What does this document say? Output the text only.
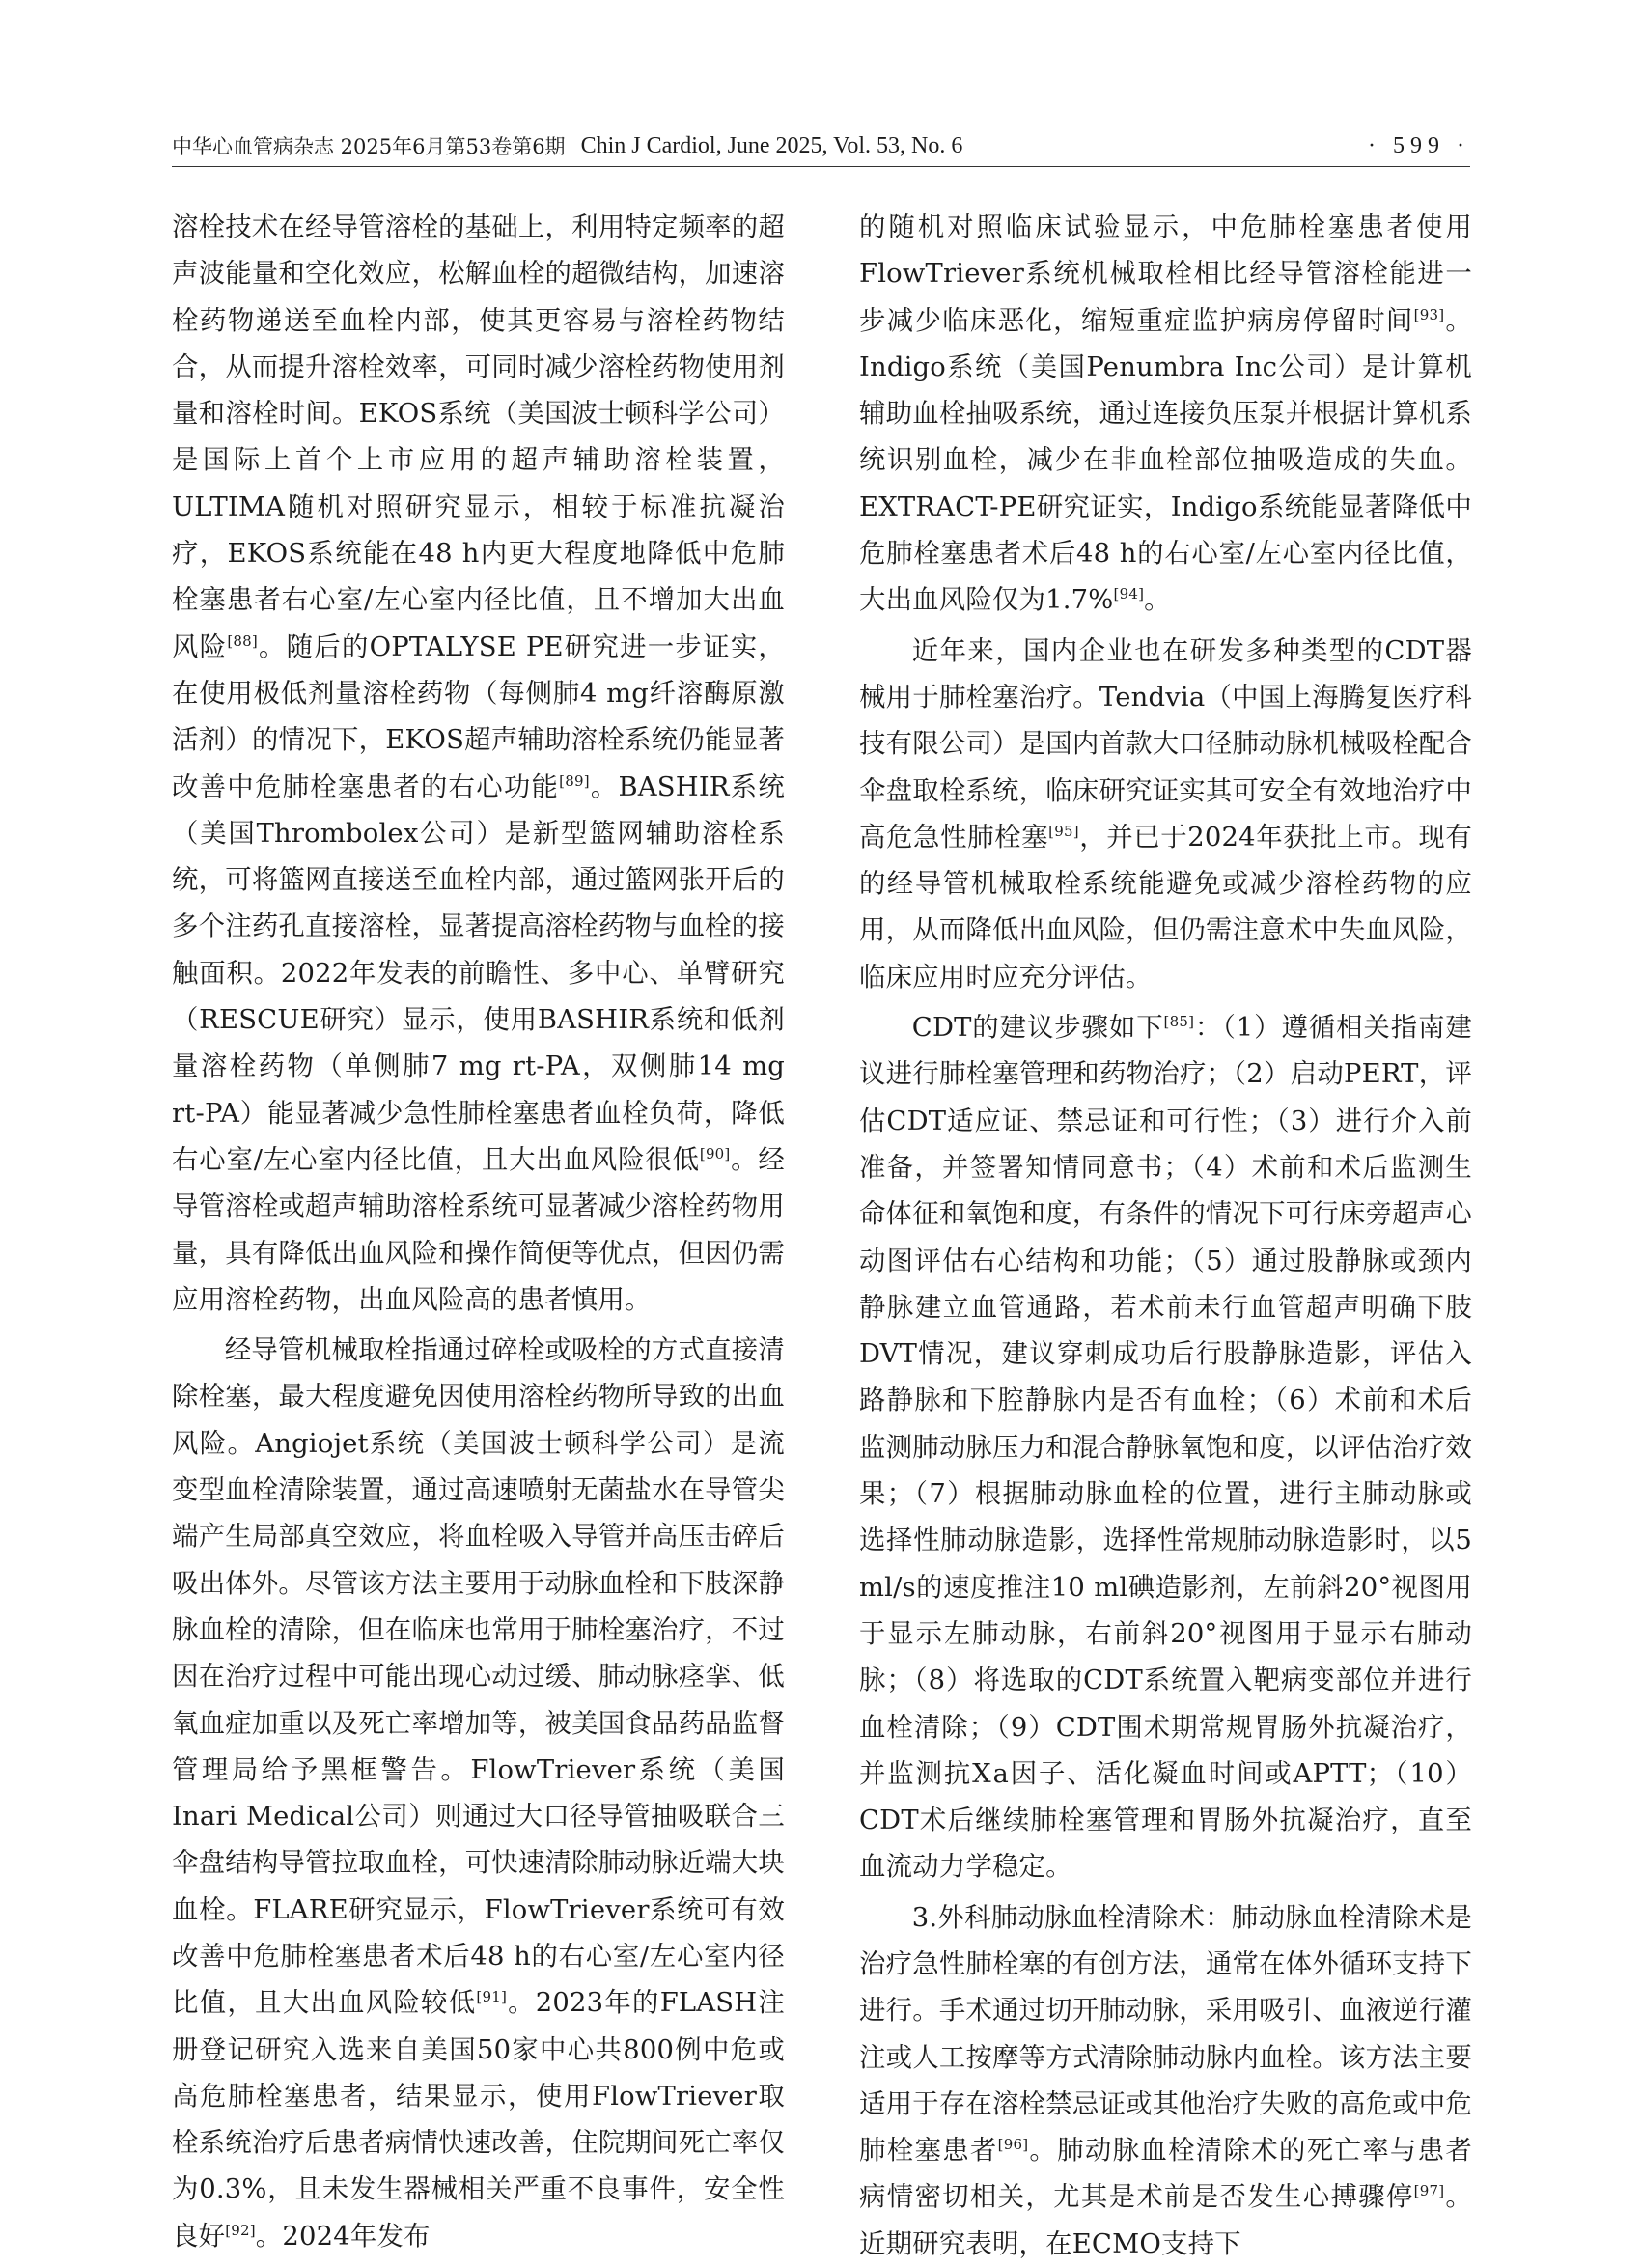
中华心血管病杂志 2025年6月第53卷第6期 Chin J Cardiol, June 2025, Vol. 53, No. 6	· 599 ·

溶栓技术在经导管溶栓的基础上，利用特定频率的超声波能量和空化效应，松解血栓的超微结构，加速溶栓药物递送至血栓内部，使其更容易与溶栓药物结合，从而提升溶栓效率，可同时减少溶栓药物使用剂量和溶栓时间。EKOS系统（美国波士顿科学公司）是国际上首个上市应用的超声辅助溶栓装置，ULTIMA随机对照研究显示，相较于标准抗凝治疗，EKOS系统能在48 h内更大程度地降低中危肺栓塞患者右心室/左心室内径比值，且不增加大出血风险[88]。随后的OPTALYSE PE研究进一步证实，在使用极低剂量溶栓药物（每侧肺4 mg纤溶酶原激活剂）的情况下，EKOS超声辅助溶栓系统仍能显著改善中危肺栓塞患者的右心功能[89]。BASHIR系统（美国Thrombolex公司）是新型篮网辅助溶栓系统，可将篮网直接送至血栓内部，通过篮网张开后的多个注药孔直接溶栓，显著提高溶栓药物与血栓的接触面积。2022年发表的前瞻性、多中心、单臂研究（RESCUE研究）显示，使用BASHIR系统和低剂量溶栓药物（单侧肺7 mg rt-PA，双侧肺14 mg rt-PA）能显著减少急性肺栓塞患者血栓负荷，降低右心室/左心室内径比值，且大出血风险很低[90]。经导管溶栓或超声辅助溶栓系统可显著减少溶栓药物用量，具有降低出血风险和操作简便等优点，但因仍需应用溶栓药物，出血风险高的患者慎用。

经导管机械取栓指通过碎栓或吸栓的方式直接清除栓塞，最大程度避免因使用溶栓药物所导致的出血风险。Angiojet系统（美国波士顿科学公司）是流变型血栓清除装置，通过高速喷射无菌盐水在导管尖端产生局部真空效应，将血栓吸入导管并高压击碎后吸出体外。尽管该方法主要用于动脉血栓和下肢深静脉血栓的清除，但在临床也常用于肺栓塞治疗，不过因在治疗过程中可能出现心动过缓、肺动脉痉挛、低氧血症加重以及死亡率增加等，被美国食品药品监督管理局给予黑框警告。FlowTriever系统（美国Inari Medical公司）则通过大口径导管抽吸联合三伞盘结构导管拉取血栓，可快速清除肺动脉近端大块血栓。FLARE研究显示，FlowTriever系统可有效改善中危肺栓塞患者术后48 h的右心室/左心室内径比值，且大出血风险较低[91]。2023年的FLASH注册登记研究入选来自美国50家中心共800例中危或高危肺栓塞患者，结果显示，使用FlowTriever取栓系统治疗后患者病情快速改善，住院期间死亡率仅为0.3%，且未发生器械相关严重不良事件，安全性良好[92]。2024年发布

的随机对照临床试验显示，中危肺栓塞患者使用FlowTriever系统机械取栓相比经导管溶栓能进一步减少临床恶化，缩短重症监护病房停留时间[93]。Indigo系统（美国Penumbra Inc公司）是计算机辅助血栓抽吸系统，通过连接负压泵并根据计算机系统识别血栓，减少在非血栓部位抽吸造成的失血。EXTRACT-PE研究证实，Indigo系统能显著降低中危肺栓塞患者术后48 h的右心室/左心室内径比值，大出血风险仅为1.7%[94]。

近年来，国内企业也在研发多种类型的CDT器械用于肺栓塞治疗。Tendvia（中国上海腾复医疗科技有限公司）是国内首款大口径肺动脉机械吸栓配合伞盘取栓系统，临床研究证实其可安全有效地治疗中高危急性肺栓塞[95]，并已于2024年获批上市。现有的经导管机械取栓系统能避免或减少溶栓药物的应用，从而降低出血风险，但仍需注意术中失血风险，临床应用时应充分评估。

CDT的建议步骤如下[85]：（1）遵循相关指南建议进行肺栓塞管理和药物治疗；（2）启动PERT，评估CDT适应证、禁忌证和可行性；（3）进行介入前准备，并签署知情同意书；（4）术前和术后监测生命体征和氧饱和度，有条件的情况下可行床旁超声心动图评估右心结构和功能；（5）通过股静脉或颈内静脉建立血管通路，若术前未行血管超声明确下肢DVT情况，建议穿刺成功后行股静脉造影，评估入路静脉和下腔静脉内是否有血栓；（6）术前和术后监测肺动脉压力和混合静脉氧饱和度，以评估治疗效果；（7）根据肺动脉血栓的位置，进行主肺动脉或选择性肺动脉造影，选择性常规肺动脉造影时，以5 ml/s的速度推注10 ml碘造影剂，左前斜20°视图用于显示左肺动脉，右前斜20°视图用于显示右肺动脉；（8）将选取的CDT系统置入靶病变部位并进行血栓清除；（9）CDT围术期常规胃肠外抗凝治疗，并监测抗Ⅹa因子、活化凝血时间或APTT；（10）CDT术后继续肺栓塞管理和胃肠外抗凝治疗，直至血流动力学稳定。

3.外科肺动脉血栓清除术：肺动脉血栓清除术是治疗急性肺栓塞的有创方法，通常在体外循环支持下进行。手术通过切开肺动脉，采用吸引、血液逆行灌注或人工按摩等方式清除肺动脉内血栓。该方法主要适用于存在溶栓禁忌证或其他治疗失败的高危或中危肺栓塞患者[96]。肺动脉血栓清除术的死亡率与患者病情密切相关，尤其是术前是否发生心搏骤停[97]。近期研究表明，在ECMO支持下
